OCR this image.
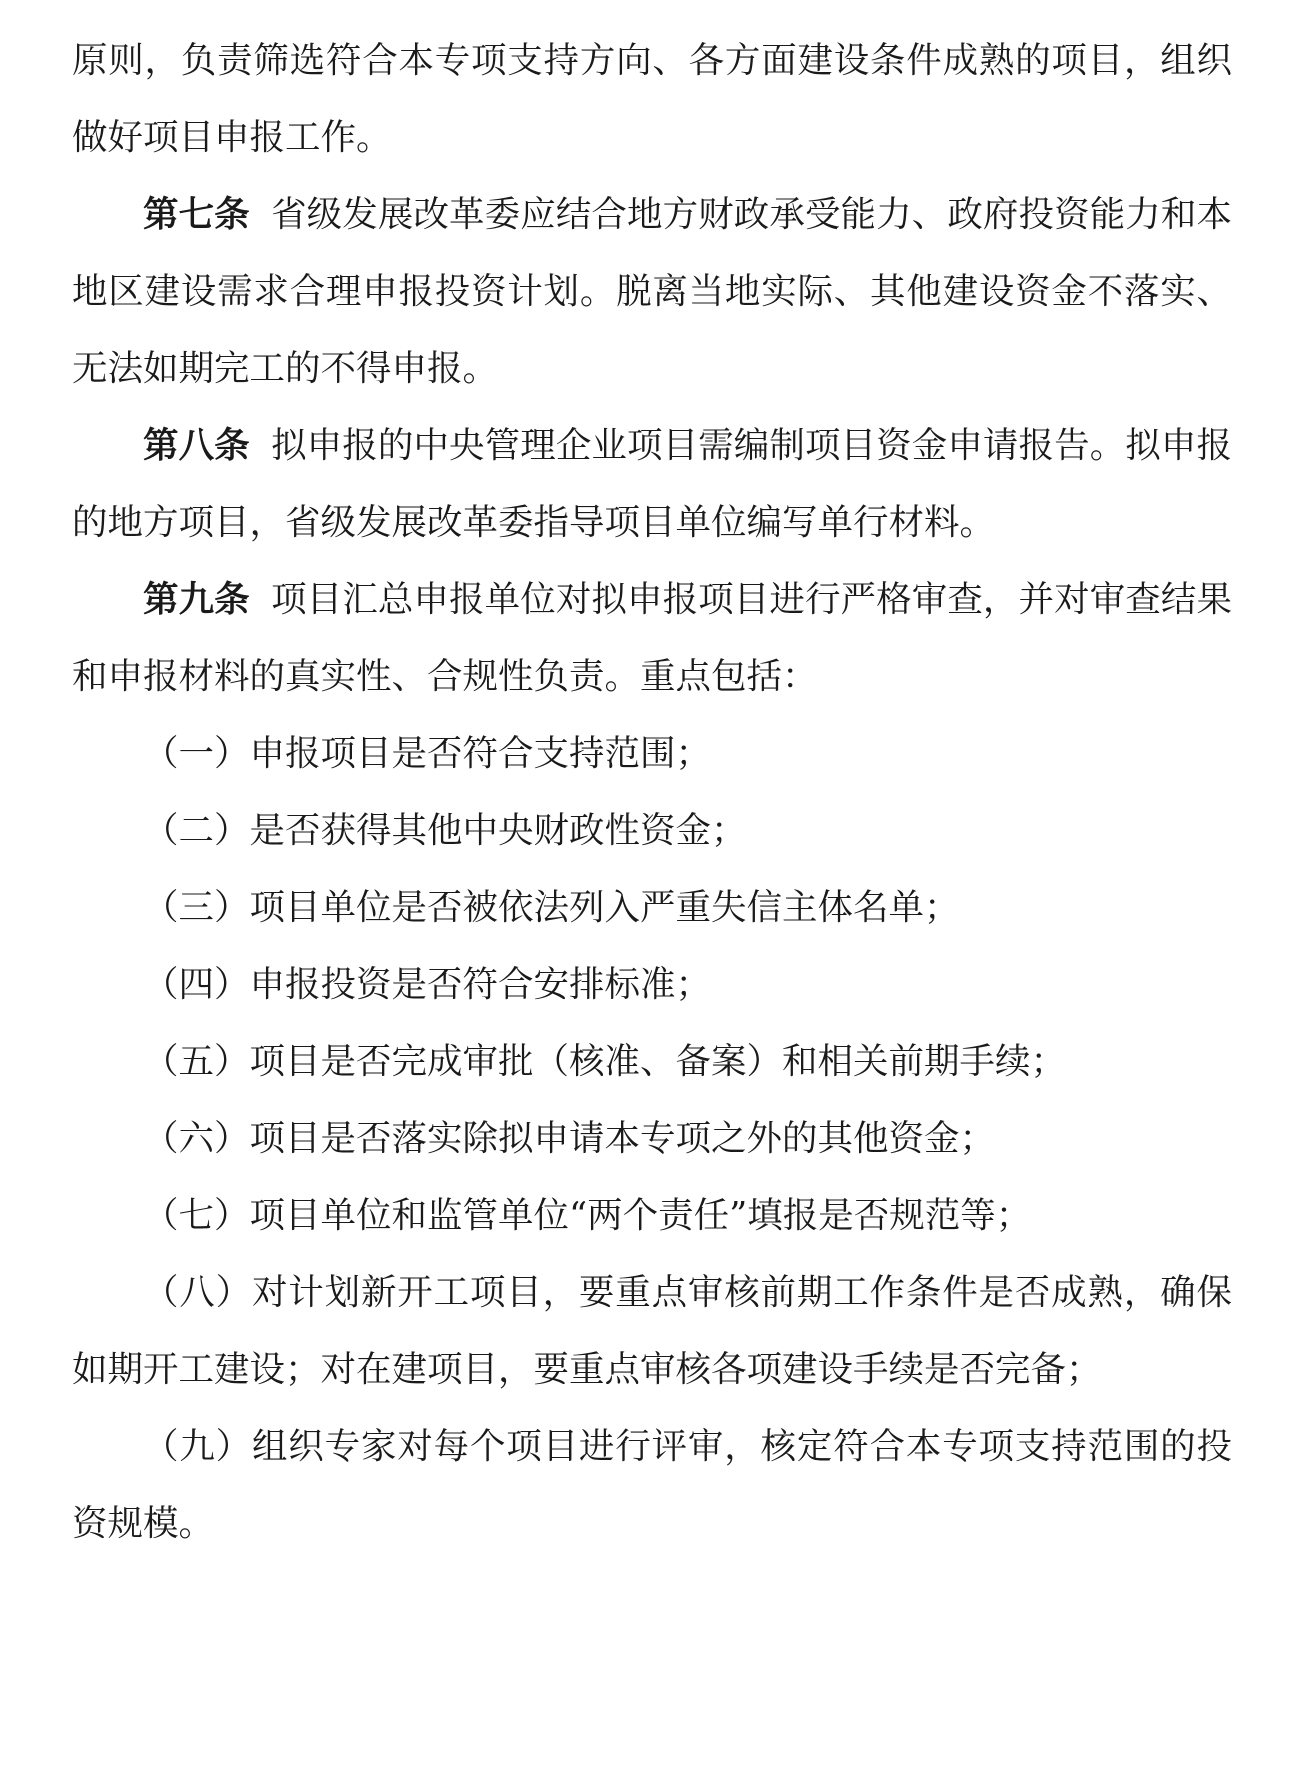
原则，负责筛选符合本专项支持方向、各方面建设条件成熟的项目，组织做好项目申报工作。

第七条 省级发展改革委应结合地方财政承受能力、政府投资能力和本地区建设需求合理申报投资计划。脱离当地实际、其他建设资金不落实、无法如期完工的不得申报。

第八条 拟申报的中央管理企业项目需编制项目资金申请报告。拟申报的地方项目，省级发展改革委指导项目单位编写单行材料。

第九条 项目汇总申报单位对拟申报项目进行严格审查，并对审查结果和申报材料的真实性、合规性负责。重点包括：

（一）申报项目是否符合支持范围；

（二）是否获得其他中央财政性资金；

（三）项目单位是否被依法列入严重失信主体名单；

（四）申报投资是否符合安排标准；

（五）项目是否完成审批（核准、备案）和相关前期手续；

（六）项目是否落实除拟申请本专项之外的其他资金；

（七）项目单位和监管单位“两个责任”填报是否规范等；

（八）对计划新开工项目，要重点审核前期工作条件是否成熟，确保如期开工建设；对在建项目，要重点审核各项建设手续是否完备；

（九）组织专家对每个项目进行评审，核定符合本专项支持范围的投资规模。
